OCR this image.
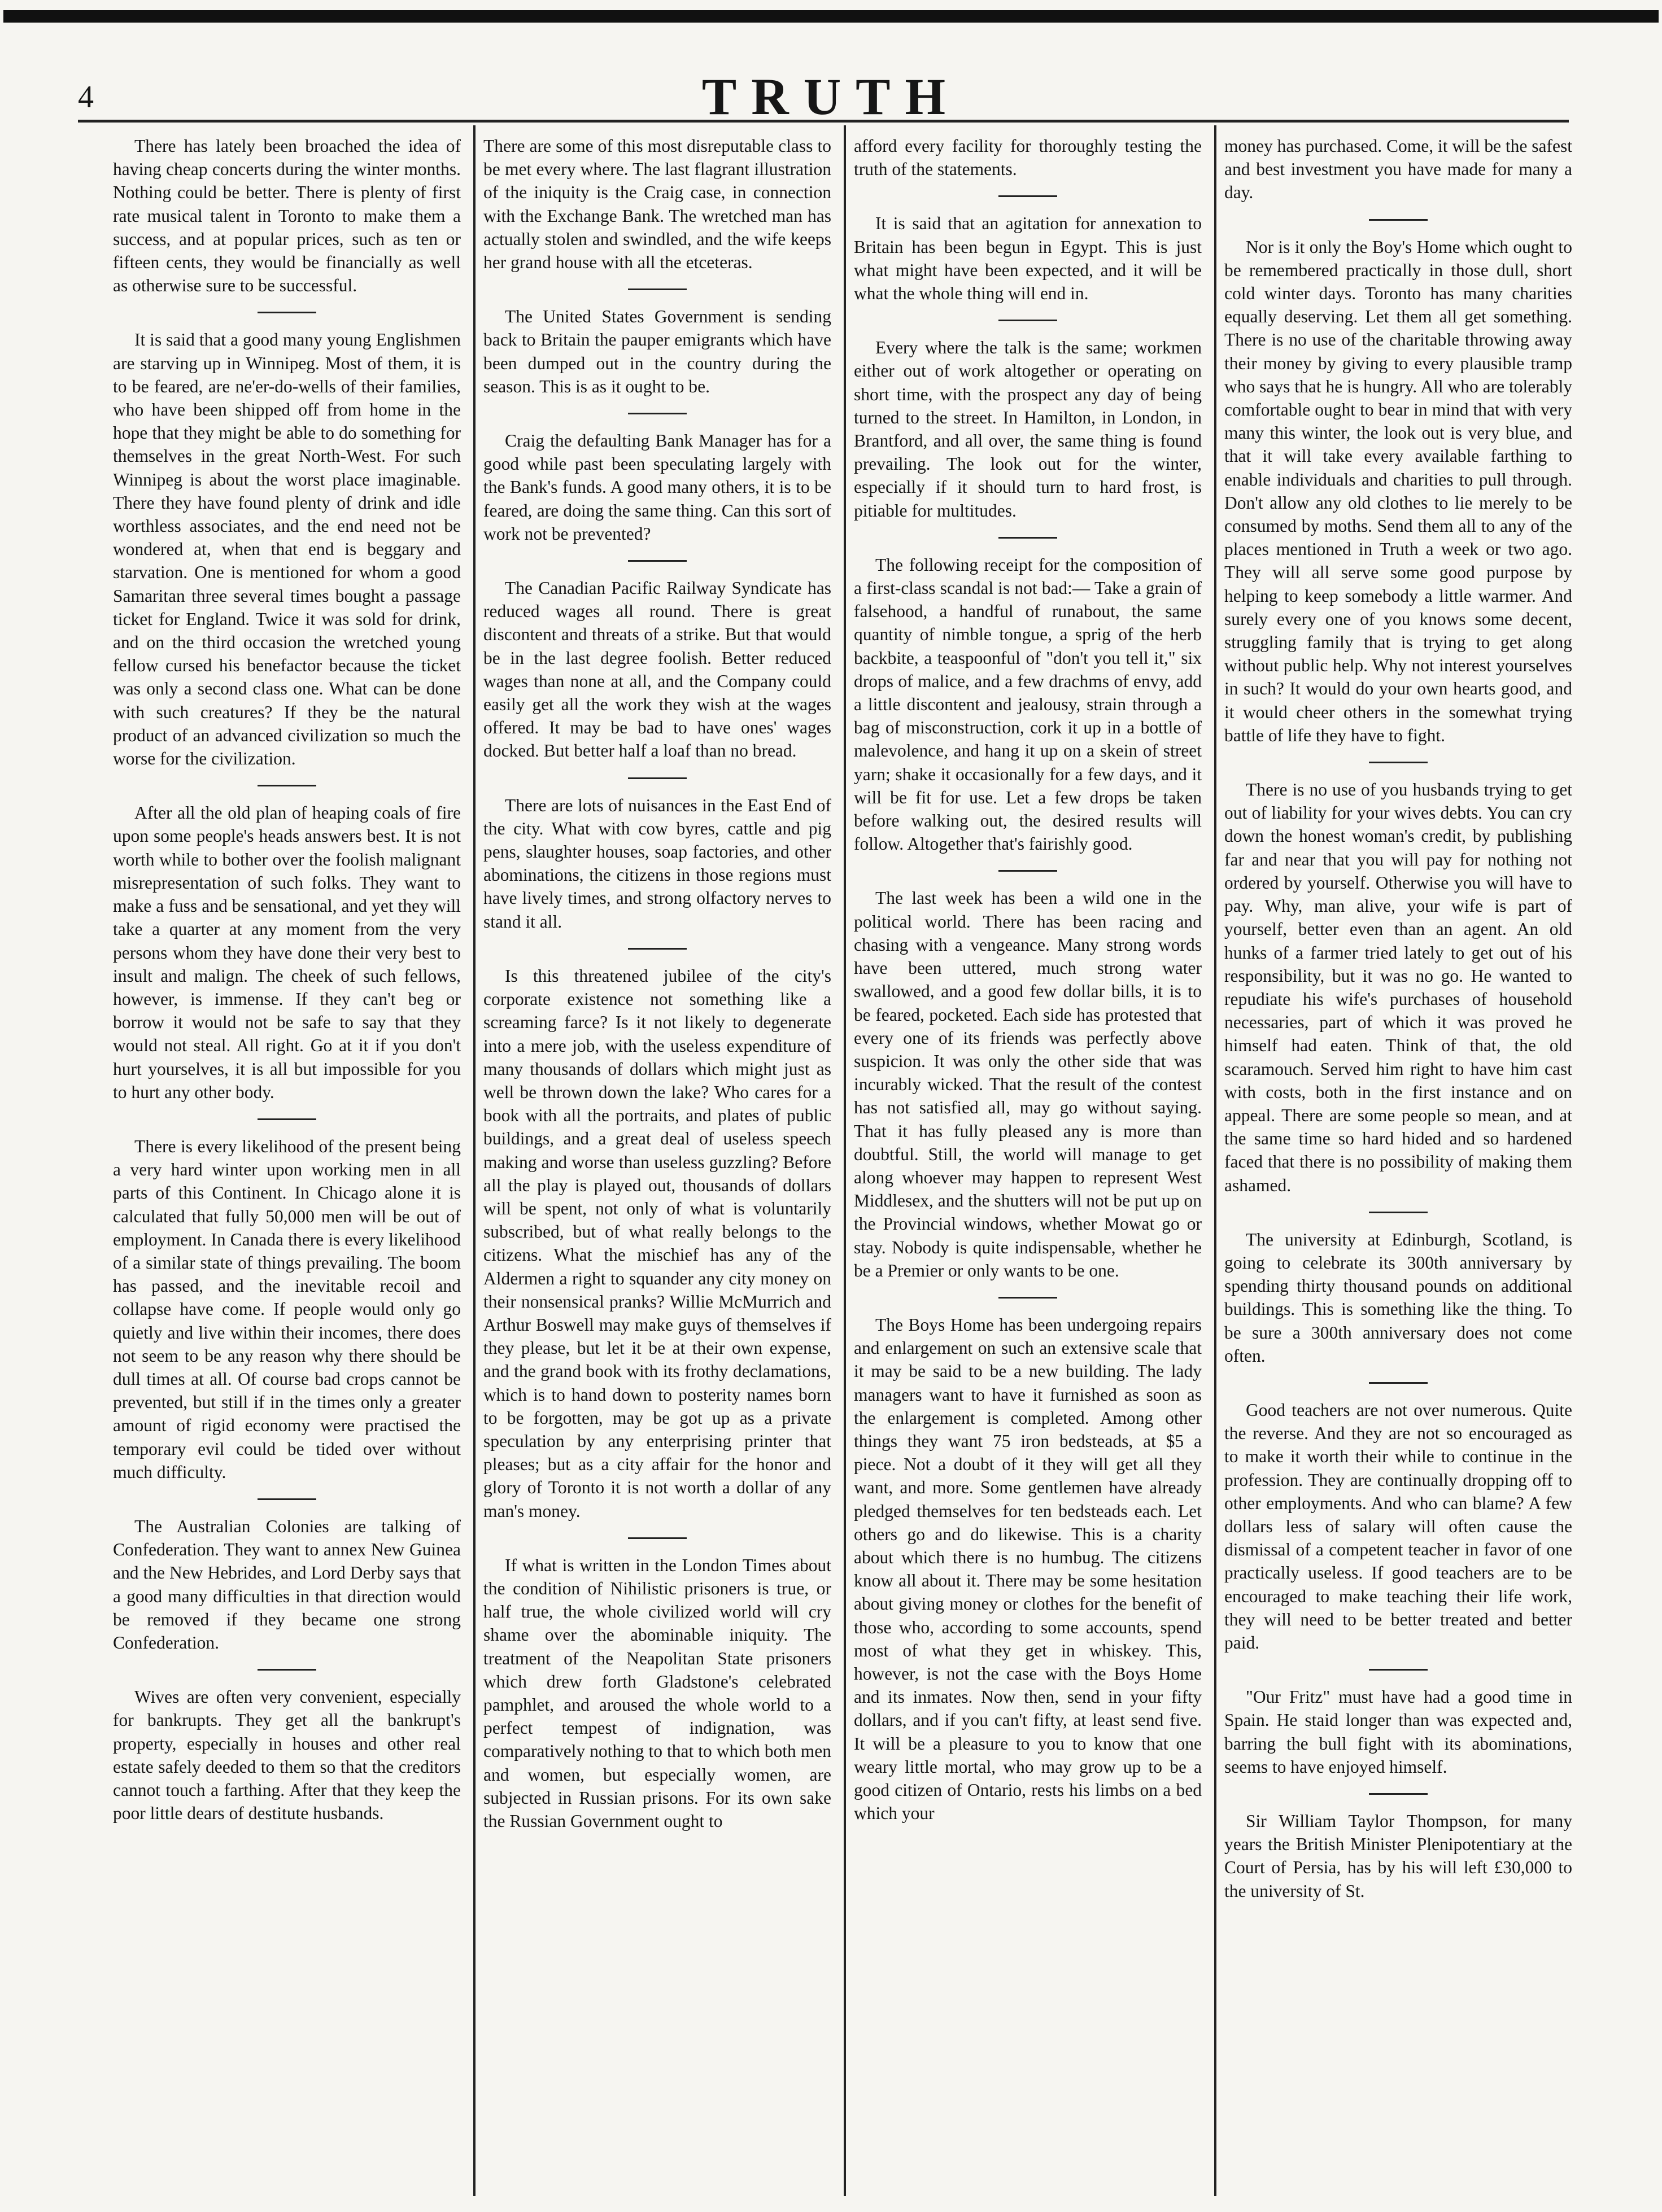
4	TRUTH

There has lately been broached the idea of having cheap concerts during the winter months. Nothing could be better. There is plenty of first rate musical talent in Toronto to make them a success, and at popular prices, such as ten or fifteen cents, they would be financially as well as otherwise sure to be successful.

It is said that a good many young Englishmen are starving up in Winnipeg. Most of them, it is to be feared, are ne'er-do-wells of their families, who have been shipped off from home in the hope that they might be able to do something for themselves in the great North-West. For such Winnipeg is about the worst place imaginable. There they have found plenty of drink and idle worthless associates, and the end need not be wondered at, when that end is beggary and starvation. One is mentioned for whom a good Samaritan three several times bought a passage ticket for England. Twice it was sold for drink, and on the third occasion the wretched young fellow cursed his benefactor because the ticket was only a second class one. What can be done with such creatures? If they be the natural product of an advanced civilization so much the worse for the civilization.

After all the old plan of heaping coals of fire upon some people's heads answers best. It is not worth while to bother over the foolish malignant misrepresentation of such folks. They want to make a fuss and be sensational, and yet they will take a quarter at any moment from the very persons whom they have done their very best to insult and malign. The cheek of such fellows, however, is immense. If they can't beg or borrow it would not be safe to say that they would not steal. All right. Go at it if you don't hurt yourselves, it is all but impossible for you to hurt any other body.

There is every likelihood of the present being a very hard winter upon working men in all parts of this Continent. In Chicago alone it is calculated that fully 50,000 men will be out of employment. In Canada there is every likelihood of a similar state of things prevailing. The boom has passed, and the inevitable recoil and collapse have come. If people would only go quietly and live within their incomes, there does not seem to be any reason why there should be dull times at all. Of course bad crops cannot be prevented, but still if in the times only a greater amount of rigid economy were practised the temporary evil could be tided over without much difficulty.

The Australian Colonies are talking of Confederation. They want to annex New Guinea and the New Hebrides, and Lord Derby says that a good many difficulties in that direction would be removed if they became one strong Confederation.

Wives are often very convenient, especially for bankrupts. They get all the bankrupt's property, especially in houses and other real estate safely deeded to them so that the creditors cannot touch a farthing. After that they keep the poor little dears of destitute husbands.

There are some of this most disreputable class to be met every where. The last flagrant illustration of the iniquity is the Craig case, in connection with the Exchange Bank. The wretched man has actually stolen and swindled, and the wife keeps her grand house with all the etceteras.

The United States Government is sending back to Britain the pauper emigrants which have been dumped out in the country during the season. This is as it ought to be.

Craig the defaulting Bank Manager has for a good while past been speculating largely with the Bank's funds. A good many others, it is to be feared, are doing the same thing. Can this sort of work not be prevented?

The Canadian Pacific Railway Syndicate has reduced wages all round. There is great discontent and threats of a strike. But that would be in the last degree foolish. Better reduced wages than none at all, and the Company could easily get all the work they wish at the wages offered. It may be bad to have ones' wages docked. But better half a loaf than no bread.

There are lots of nuisances in the East End of the city. What with cow byres, cattle and pig pens, slaughter houses, soap factories, and other abominations, the citizens in those regions must have lively times, and strong olfactory nerves to stand it all.

Is this threatened jubilee of the city's corporate existence not something like a screaming farce? Is it not likely to degenerate into a mere job, with the useless expenditure of many thousands of dollars which might just as well be thrown down the lake? Who cares for a book with all the portraits, and plates of public buildings, and a great deal of useless speech making and worse than useless guzzling? Before all the play is played out, thousands of dollars will be spent, not only of what is voluntarily subscribed, but of what really belongs to the citizens. What the mischief has any of the Aldermen a right to squander any city money on their nonsensical pranks? Willie McMurrich and Arthur Boswell may make guys of themselves if they please, but let it be at their own expense, and the grand book with its frothy declamations, which is to hand down to posterity names born to be forgotten, may be got up as a private speculation by any enterprising printer that pleases; but as a city affair for the honor and glory of Toronto it is not worth a dollar of any man's money.

If what is written in the London Times about the condition of Nihilistic prisoners is true, or half true, the whole civilized world will cry shame over the abominable iniquity. The treatment of the Neapolitan State prisoners which drew forth Gladstone's celebrated pamphlet, and aroused the whole world to a perfect tempest of indignation, was comparatively nothing to that to which both men and women, but especially women, are subjected in Russian prisons. For its own sake the Russian Government ought to

afford every facility for thoroughly testing the truth of the statements.

It is said that an agitation for annexation to Britain has been begun in Egypt. This is just what might have been expected, and it will be what the whole thing will end in.

Every where the talk is the same; workmen either out of work altogether or operating on short time, with the prospect any day of being turned to the street. In Hamilton, in London, in Brantford, and all over, the same thing is found prevailing. The look out for the winter, especially if it should turn to hard frost, is pitiable for multitudes.

The following receipt for the composition of a first-class scandal is not bad:— Take a grain of falsehood, a handful of runabout, the same quantity of nimble tongue, a sprig of the herb backbite, a teaspoonful of "don't you tell it," six drops of malice, and a few drachms of envy, add a little discontent and jealousy, strain through a bag of misconstruction, cork it up in a bottle of malevolence, and hang it up on a skein of street yarn; shake it occasionally for a few days, and it will be fit for use. Let a few drops be taken before walking out, the desired results will follow. Altogether that's fairishly good.

The last week has been a wild one in the political world. There has been racing and chasing with a vengeance. Many strong words have been uttered, much strong water swallowed, and a good few dollar bills, it is to be feared, pocketed. Each side has protested that every one of its friends was perfectly above suspicion. It was only the other side that was incurably wicked. That the result of the contest has not satisfied all, may go without saying. That it has fully pleased any is more than doubtful. Still, the world will manage to get along whoever may happen to represent West Middlesex, and the shutters will not be put up on the Provincial windows, whether Mowat go or stay. Nobody is quite indispensable, whether he be a Premier or only wants to be one.

The Boys Home has been undergoing repairs and enlargement on such an extensive scale that it may be said to be a new building. The lady managers want to have it furnished as soon as the enlargement is completed. Among other things they want 75 iron bedsteads, at $5 a piece. Not a doubt of it they will get all they want, and more. Some gentlemen have already pledged themselves for ten bedsteads each. Let others go and do likewise. This is a charity about which there is no humbug. The citizens know all about it. There may be some hesitation about giving money or clothes for the benefit of those who, according to some accounts, spend most of what they get in whiskey. This, however, is not the case with the Boys Home and its inmates. Now then, send in your fifty dollars, and if you can't fifty, at least send five. It will be a pleasure to you to know that one weary little mortal, who may grow up to be a good citizen of Ontario, rests his limbs on a bed which your

money has purchased. Come, it will be the safest and best investment you have made for many a day.

Nor is it only the Boy's Home which ought to be remembered practically in those dull, short cold winter days. Toronto has many charities equally deserving. Let them all get something. There is no use of the charitable throwing away their money by giving to every plausible tramp who says that he is hungry. All who are tolerably comfortable ought to bear in mind that with very many this winter, the look out is very blue, and that it will take every available farthing to enable individuals and charities to pull through. Don't allow any old clothes to lie merely to be consumed by moths. Send them all to any of the places mentioned in Truth a week or two ago. They will all serve some good purpose by helping to keep somebody a little warmer. And surely every one of you knows some decent, struggling family that is trying to get along without public help. Why not interest yourselves in such? It would do your own hearts good, and it would cheer others in the somewhat trying battle of life they have to fight.

There is no use of you husbands trying to get out of liability for your wives debts. You can cry down the honest woman's credit, by publishing far and near that you will pay for nothing not ordered by yourself. Otherwise you will have to pay. Why, man alive, your wife is part of yourself, better even than an agent. An old hunks of a farmer tried lately to get out of his responsibility, but it was no go. He wanted to repudiate his wife's purchases of household necessaries, part of which it was proved he himself had eaten. Think of that, the old scaramouch. Served him right to have him cast with costs, both in the first instance and on appeal. There are some people so mean, and at the same time so hard hided and so hardened faced that there is no possibility of making them ashamed.

The university at Edinburgh, Scotland, is going to celebrate its 300th anniversary by spending thirty thousand pounds on additional buildings. This is something like the thing. To be sure a 300th anniversary does not come often.

Good teachers are not over numerous. Quite the reverse. And they are not so encouraged as to make it worth their while to continue in the profession. They are continually dropping off to other employments. And who can blame? A few dollars less of salary will often cause the dismissal of a competent teacher in favor of one practically useless. If good teachers are to be encouraged to make teaching their life work, they will need to be better treated and better paid.

"Our Fritz" must have had a good time in Spain. He staid longer than was expected and, barring the bull fight with its abominations, seems to have enjoyed himself.

Sir William Taylor Thompson, for many years the British Minister Plenipotentiary at the Court of Persia, has by his will left £30,000 to the university of St.
